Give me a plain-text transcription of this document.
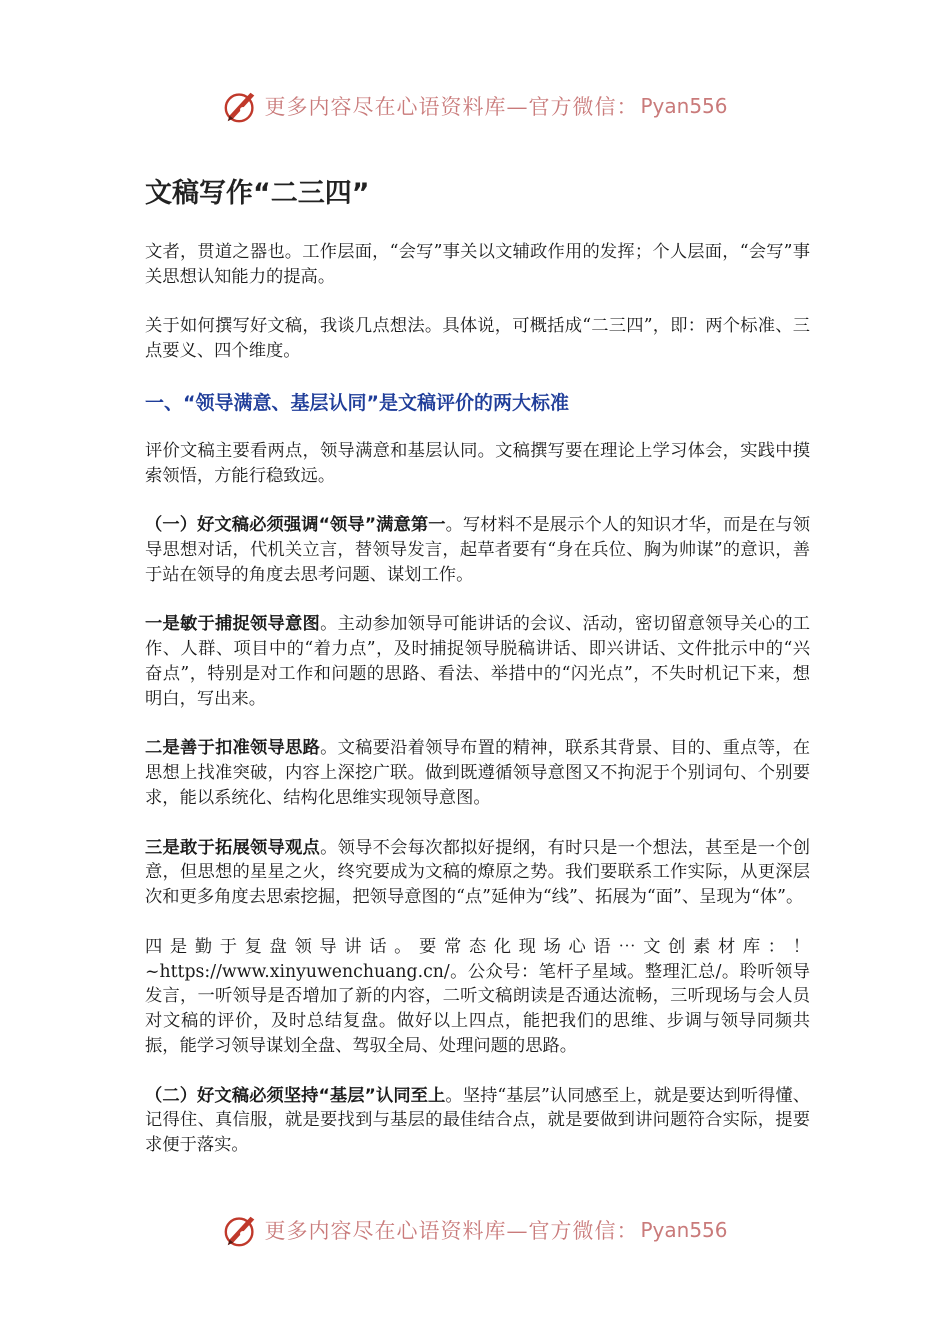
更多内容尽在心语资料库—官方微信： Pyan556
文稿写作“二三四”

文者，贯道之器也。工作层面，“会写”事关以文辅政作用的发挥；个人层面，“会写”事关思想认知能力的提高。

关于如何撰写好文稿，我谈几点想法。具体说，可概括成“二三四”，即：两个标准、三点要义、四个维度。

一、“领导满意、基层认同”是文稿评价的两大标准

评价文稿主要看两点，领导满意和基层认同。文稿撰写要在理论上学习体会，实践中摸索领悟，方能行稳致远。

（一）好文稿必须强调“领导”满意第一。写材料不是展示个人的知识才华，而是在与领导思想对话，代机关立言，替领导发言，起草者要有“身在兵位、胸为帅谋”的意识，善于站在领导的角度去思考问题、谋划工作。

一是敏于捕捉领导意图。主动参加领导可能讲话的会议、活动，密切留意领导关心的工作、人群、项目中的“着力点”，及时捕捉领导脱稿讲话、即兴讲话、文件批示中的“兴奋点”，特别是对工作和问题的思路、看法、举措中的“闪光点”，不失时机记下来，想明白，写出来。

二是善于扣准领导思路。文稿要沿着领导布置的精神，联系其背景、目的、重点等，在思想上找准突破，内容上深挖广联。做到既遵循领导意图又不拘泥于个别词句、个别要求，能以系统化、结构化思维实现领导意图。

三是敢于拓展领导观点。领导不会每次都拟好提纲，有时只是一个想法，甚至是一个创意，但思想的星星之火，终究要成为文稿的燎原之势。我们要联系工作实际，从更深层次和更多角度去思索挖掘，把领导意图的“点”延伸为“线”、拓展为“面”、呈现为“体”。

四是勤于复盘领导讲话。要常态化现场心语⋯文创素材库：！~https://www.xinyuwenchuang.cn/。公众号：笔杆子星域。整理汇总/。聆听领导发言，一听领导是否增加了新的内容，二听文稿朗读是否通达流畅，三听现场与会人员对文稿的评价，及时总结复盘。做好以上四点，能把我们的思维、步调与领导同频共振，能学习领导谋划全盘、驾驭全局、处理问题的思路。

（二）好文稿必须坚持“基层”认同至上。坚持“基层”认同感至上，就是要达到听得懂、记得住、真信服，就是要找到与基层的最佳结合点，就是要做到讲问题符合实际，提要求便于落实。

更多内容尽在心语资料库—官方微信： Pyan556
